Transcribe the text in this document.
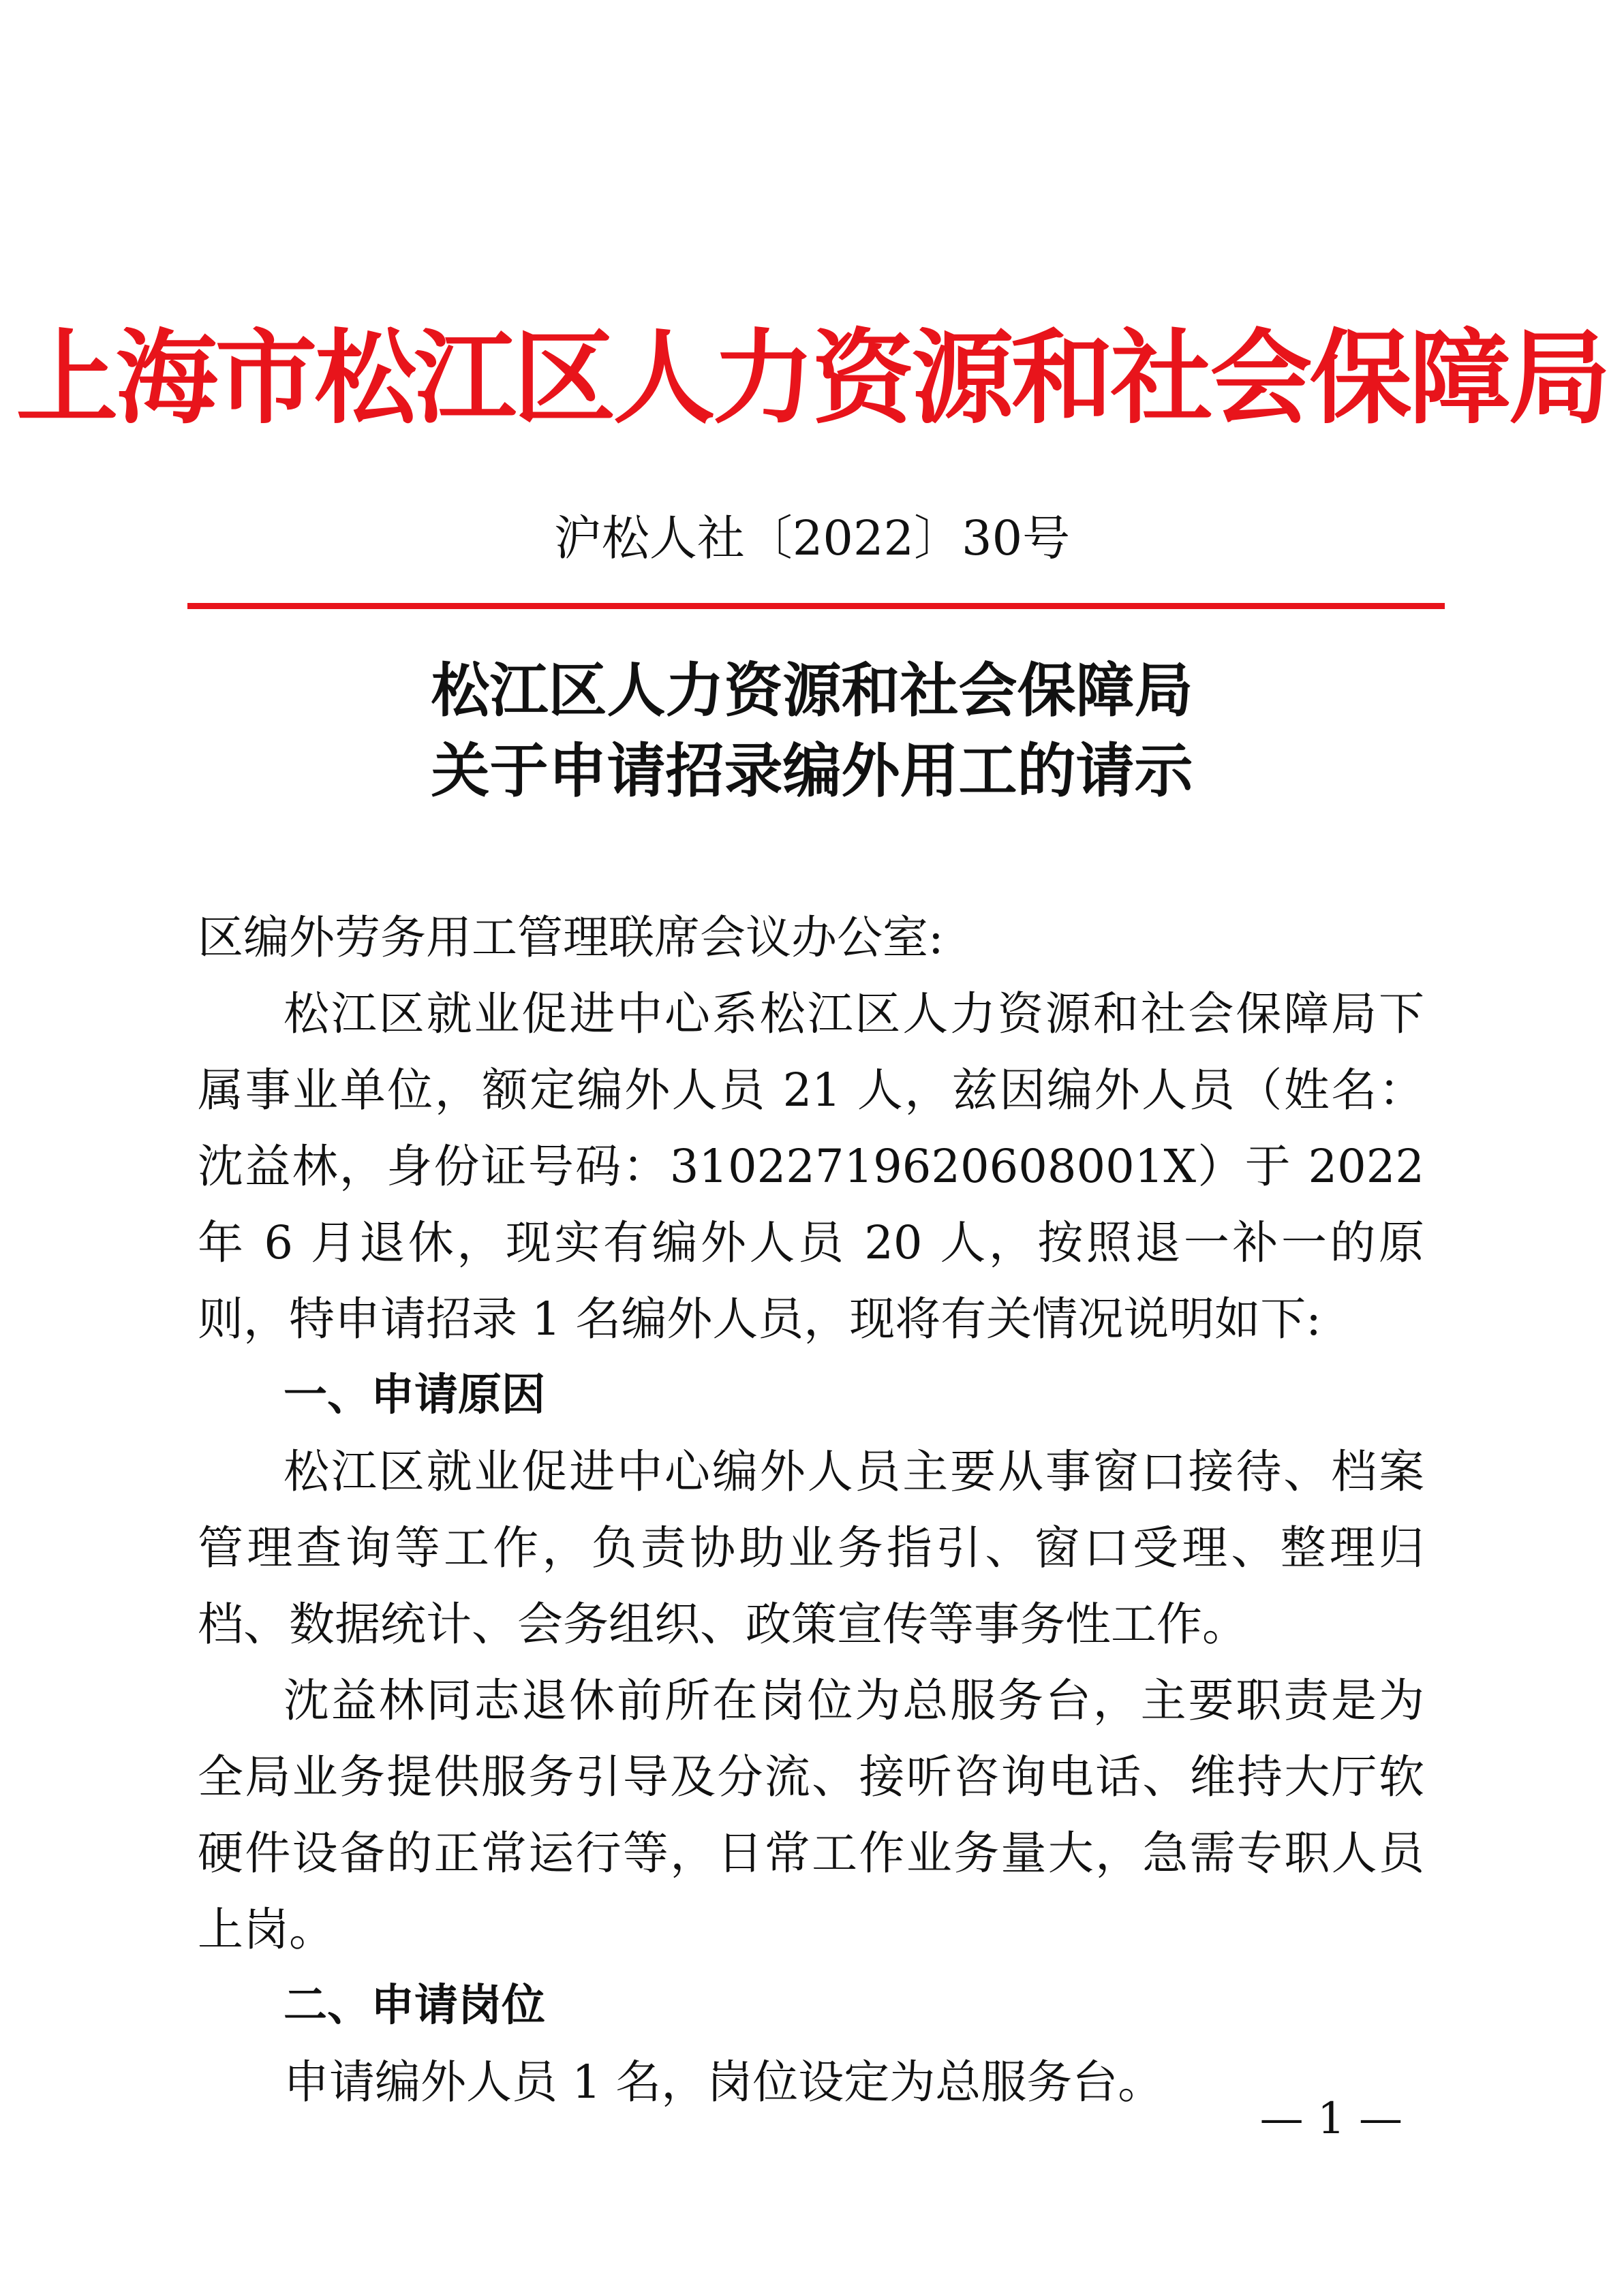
上海市松江区人力资源和社会保障局
沪松人社〔2022〕30号
松江区人力资源和社会保障局
关于申请招录编外用工的请示

区编外劳务用工管理联席会议办公室:

松江区就业促进中心系松江区人力资源和社会保障局下属事业单位，额定编外人员 21 人，兹因编外人员（姓名：沈益林，身份证号码：31022719620608001X）于 2022 年 6 月退休，现实有编外人员 20 人，按照退一补一的原则，特申请招录 1 名编外人员，现将有关情况说明如下:

一、申请原因

松江区就业促进中心编外人员主要从事窗口接待、档案管理查询等工作，负责协助业务指引、窗口受理、整理归档、数据统计、会务组织、政策宣传等事务性工作。

沈益林同志退休前所在岗位为总服务台，主要职责是为全局业务提供服务引导及分流、接听咨询电话、维持大厅软硬件设备的正常运行等，日常工作业务量大，急需专职人员上岗。

二、申请岗位

申请编外人员 1 名，岗位设定为总服务台。

— 1 —
